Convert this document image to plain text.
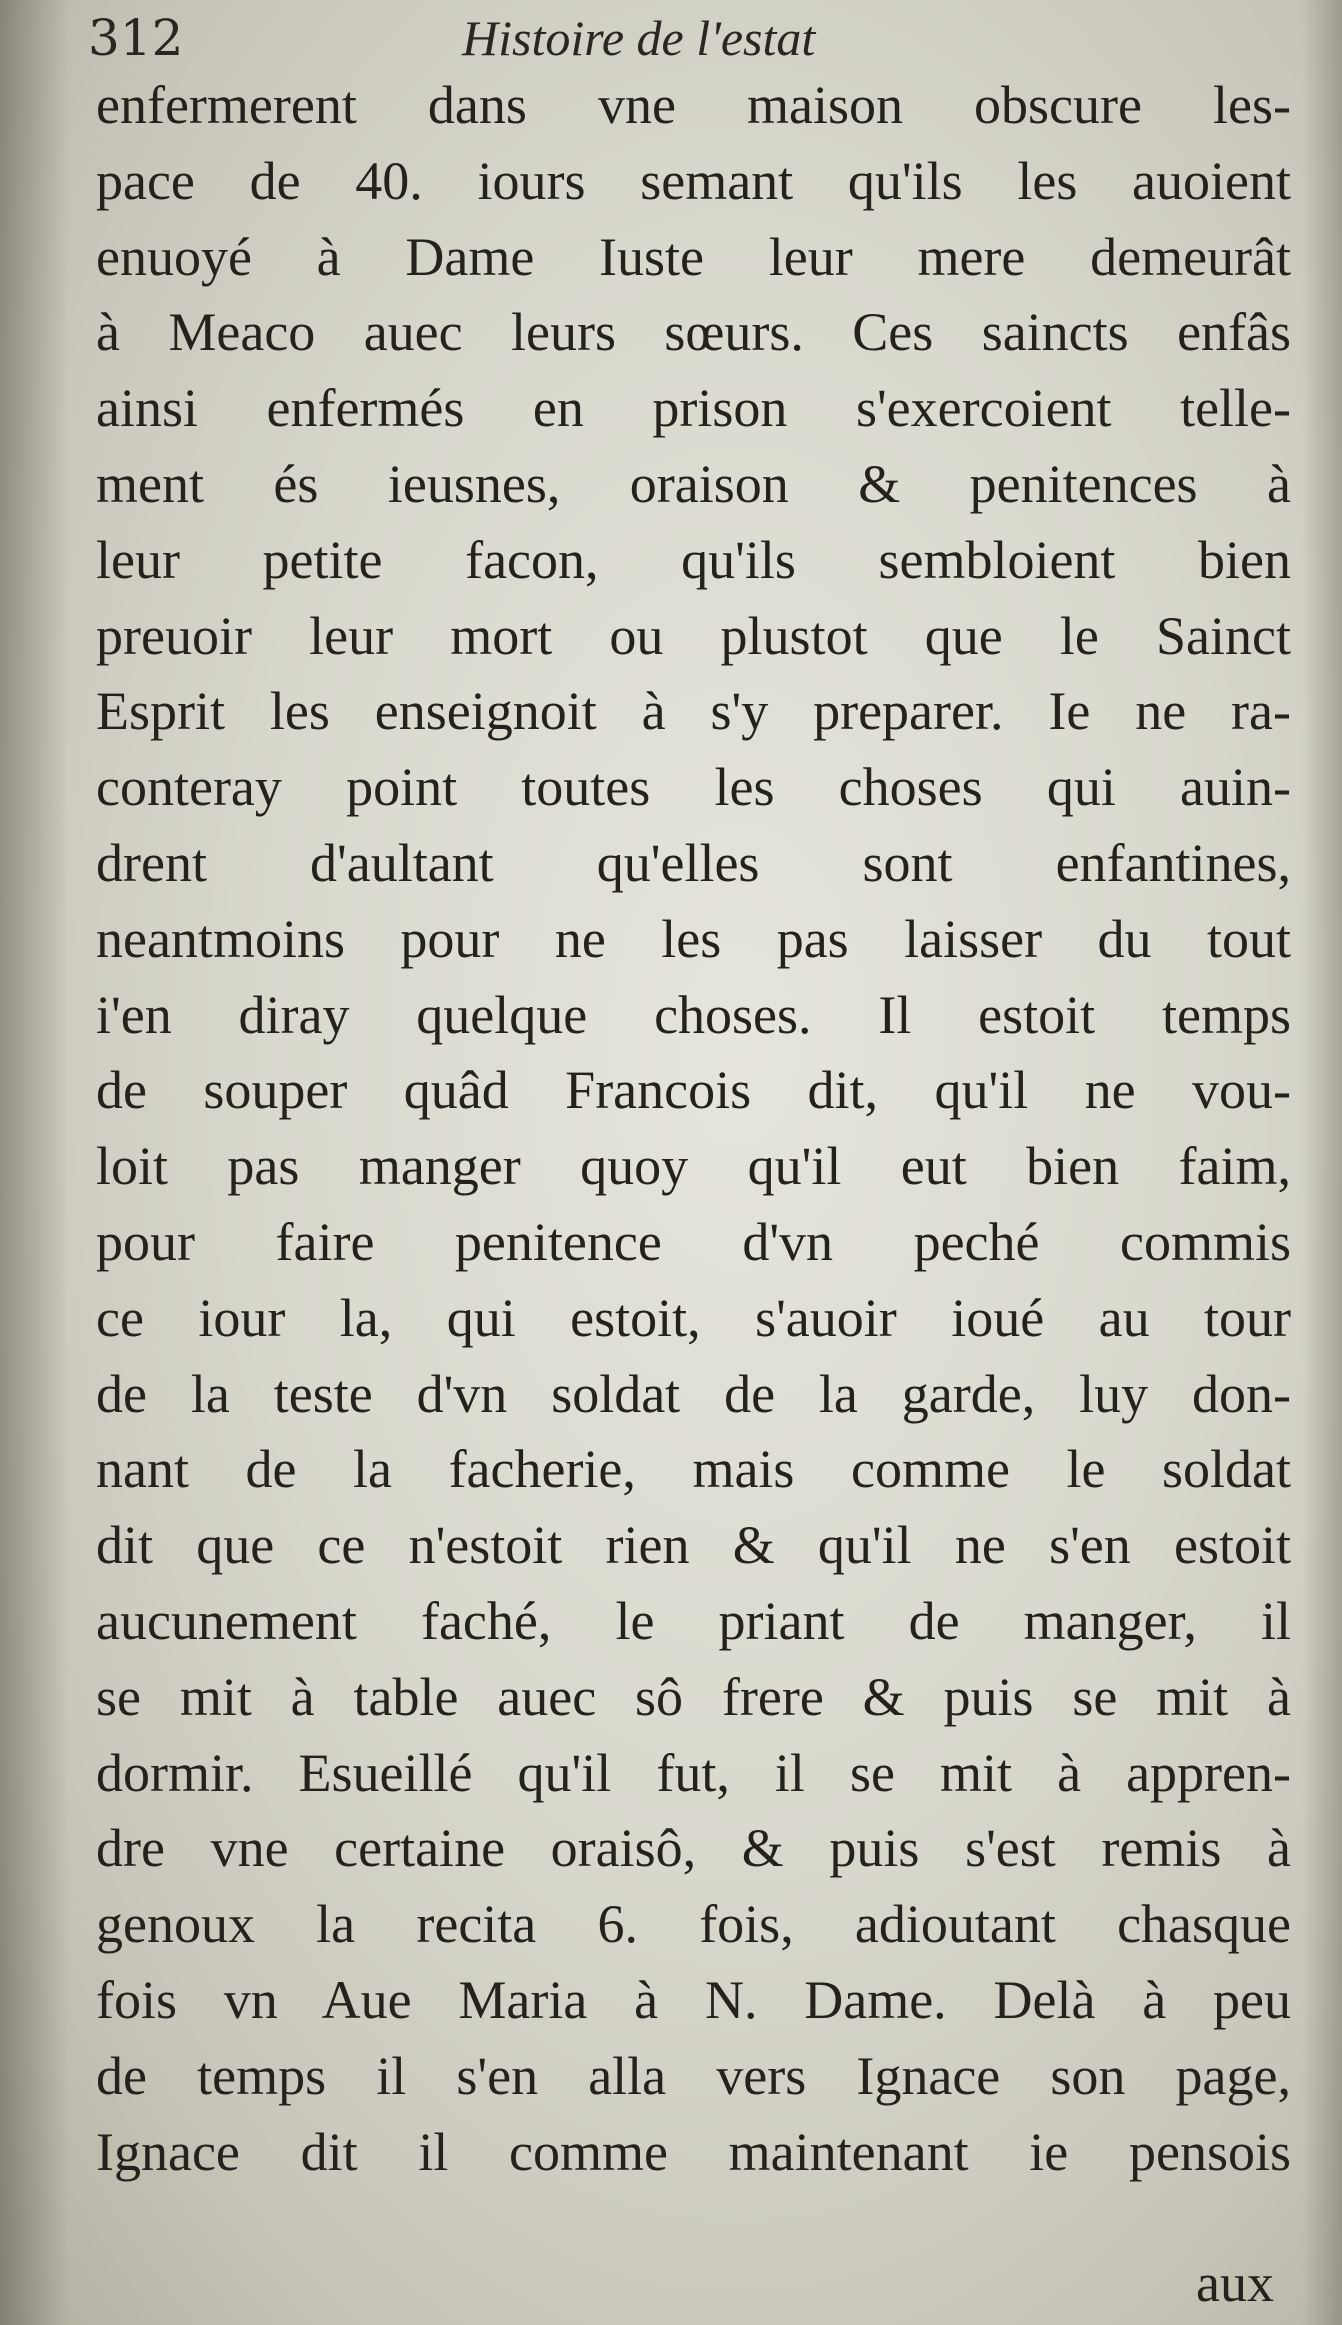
312	Histoire de l'estat
enfermerent dans vne maison obscure les-
pace de 40. iours semant qu'ils les auoient
enuoyé à Dame Iuste leur mere demeurât
à Meaco auec leurs sœurs. Ces saincts enfâs
ainsi enfermés en prison s'exercoient telle-
ment és ieusnes, oraison & penitences à
leur petite facon, qu'ils sembloient bien
preuoir leur mort ou plustot que le Sainct
Esprit les enseignoit à s'y preparer. Ie ne ra-
conteray point toutes les choses qui auin-
drent d'aultant qu'elles sont enfantines,
neantmoins pour ne les pas laisser du tout
i'en diray quelque choses. Il estoit temps
de souper quâd Francois dit, qu'il ne vou-
loit pas manger quoy qu'il eut bien faim,
pour faire penitence d'vn peché commis
ce iour la, qui estoit, s'auoir ioué au tour
de la teste d'vn soldat de la garde, luy don-
nant de la facherie, mais comme le soldat
dit que ce n'estoit rien & qu'il ne s'en estoit
aucunement faché, le priant de manger, il
se mit à table auec sô frere & puis se mit à
dormir. Esueillé qu'il fut, il se mit à appren-
dre vne certaine oraisô, & puis s'est remis à
genoux la recita 6. fois, adioutant chasque
fois vn Aue Maria à N. Dame. Delà à peu
de temps il s'en alla vers Ignace son page,
Ignace dit il comme maintenant ie pensois
aux
